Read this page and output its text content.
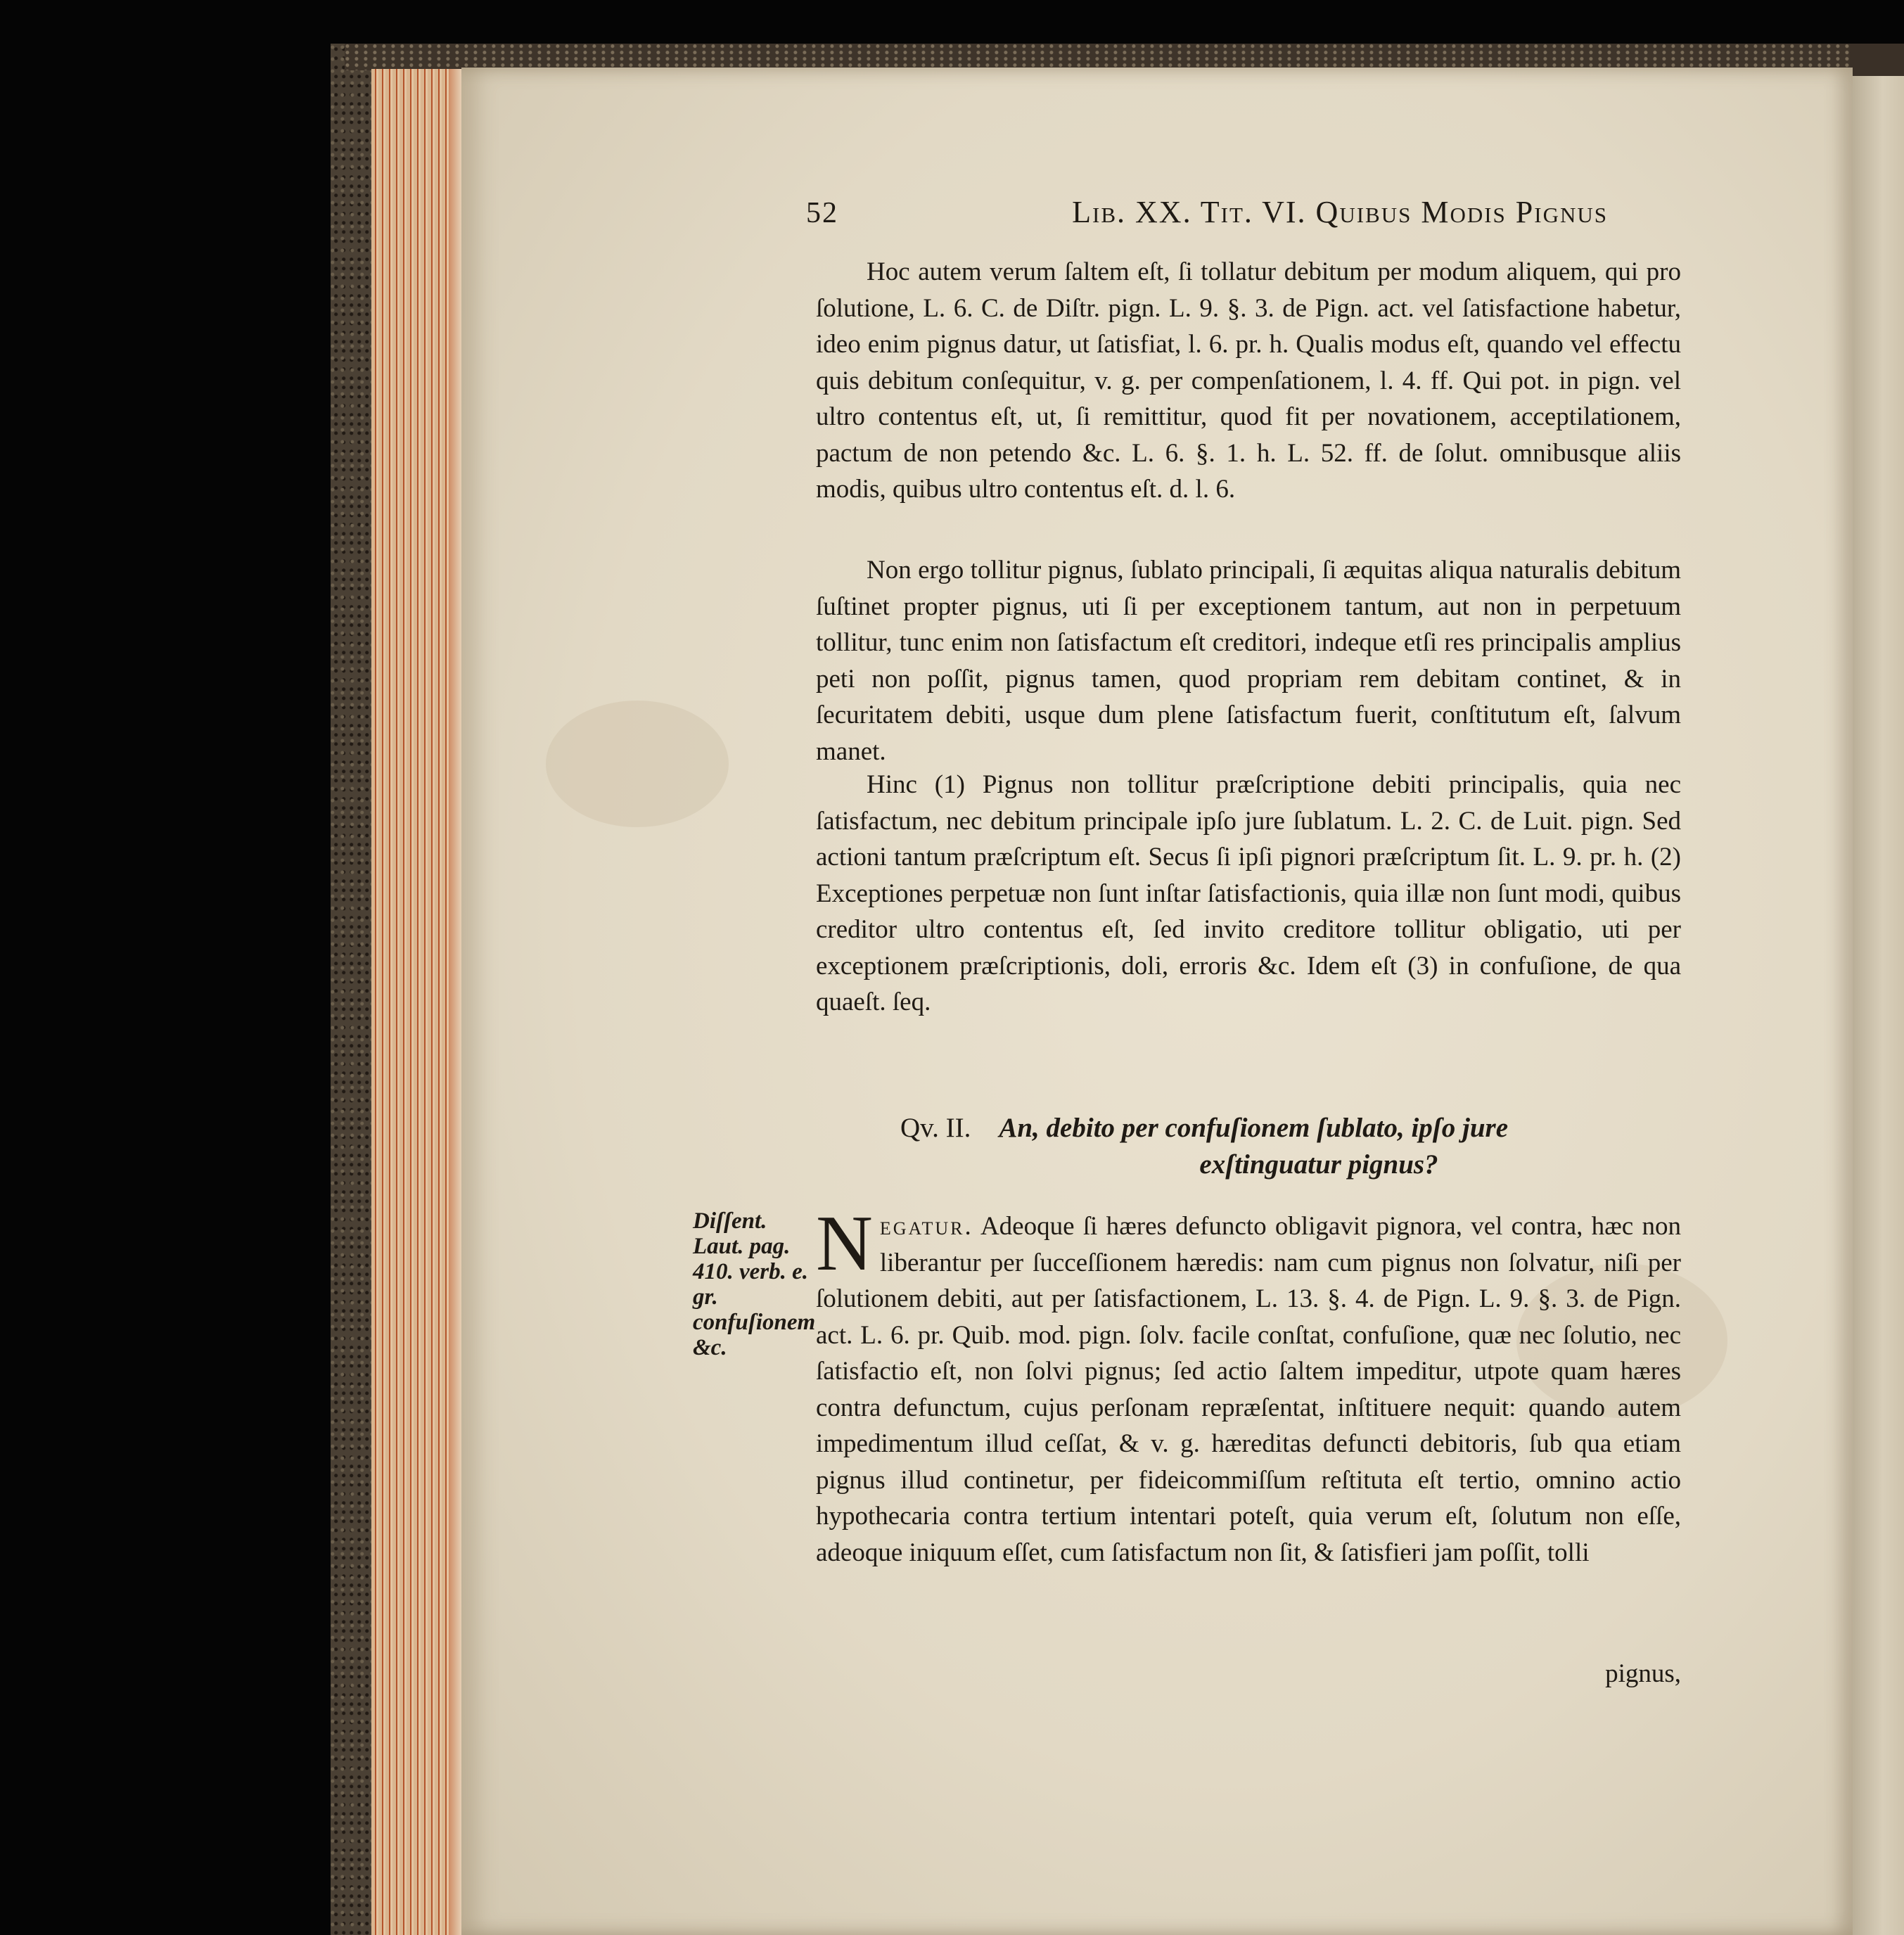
52	Lib. XX. Tit. VI. Quibus Modis Pignus

Hoc autem verum ſaltem eſt, ſi tollatur debitum per modum aliquem, qui pro ſolutione, L. 6. C. de Diſtr. pign. L. 9. §. 3. de Pign. act. vel ſatisfactione habetur, ideo enim pignus datur, ut ſatisfiat, l. 6. pr. h. Qualis modus eſt, quando vel effectu quis debitum conſequitur, v. g. per compenſationem, l. 4. ff. Qui pot. in pign. vel ultro contentus eſt, ut, ſi remittitur, quod fit per novationem, acceptilationem, pactum de non petendo &c. L. 6. §. 1. h. L. 52. ff. de ſolut. omnibusque aliis modis, quibus ultro contentus eſt. d. l. 6.

Non ergo tollitur pignus, ſublato principali, ſi æquitas aliqua naturalis debitum ſuſtinet propter pignus, uti ſi per exceptionem tantum, aut non in perpetuum tollitur, tunc enim non ſatisfactum eſt creditori, indeque etſi res principalis amplius peti non poſſit, pignus tamen, quod propriam rem debitam continet, & in ſecuritatem debiti, usque dum plene ſatisfactum fuerit, conſtitutum eſt, ſalvum manet.

Hinc (1) Pignus non tollitur præſcriptione debiti principalis, quia nec ſatisfactum, nec debitum principale ipſo jure ſublatum. L. 2. C. de Luit. pign. Sed actioni tantum præſcriptum eſt. Secus ſi ipſi pignori præſcriptum ſit. L. 9. pr. h. (2) Exceptiones perpetuæ non ſunt inſtar ſatisfactionis, quia illæ non ſunt modi, quibus creditor ultro contentus eſt, ſed invito creditore tollitur obligatio, uti per exceptionem præſcriptionis, doli, erroris &c. Idem eſt (3) in confuſione, de qua quaeſt. ſeq.

Qv. II. An, debito per confuſionem ſublato, ipſo jure
exſtinguatur pignus?
Diſſent. Laut. pag. 410. verb. e. gr. confuſionem &c.

Negatur. Adeoque ſi hæres defuncto obligavit pignora, vel contra, hæc non liberantur per ſucceſſionem hæredis: nam cum pignus non ſolvatur, niſi per ſolutionem debiti, aut per ſatisfactionem, L. 13. §. 4. de Pign. L. 9. §. 3. de Pign. act. L. 6. pr. Quib. mod. pign. ſolv. facile conſtat, confuſione, quæ nec ſolutio, nec ſatisfactio eſt, non ſolvi pignus; ſed actio ſaltem impeditur, utpote quam hæres contra defunctum, cujus perſonam repræſentat, inſtituere nequit: quando autem impedimentum illud ceſſat, & v. g. hæreditas defuncti debitoris, ſub qua etiam pignus illud continetur, per fideicommiſſum reſtituta eſt tertio, omnino actio hypothecaria contra tertium intentari poteſt, quia verum eſt, ſolutum non eſſe, adeoque iniquum eſſet, cum ſatisfactum non ſit, & ſatisfieri jam poſſit, tolli

pignus,
